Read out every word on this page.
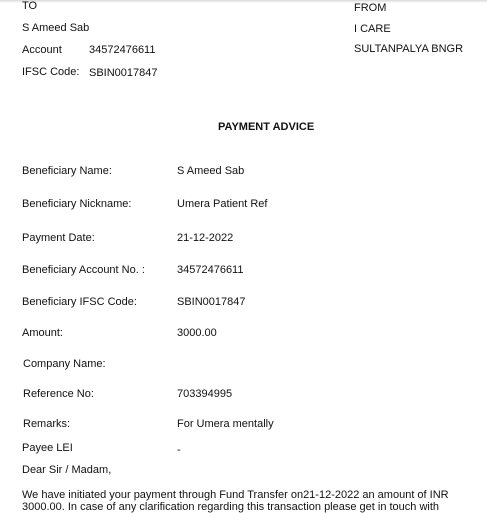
TO
S Ameed Sab
Account 34572476611
IFSC Code: SBIN0017847
FROM
I CARE
SULTANPALYA BNGR
PAYMENT ADVICE
Beneficiary Name:	S Ameed Sab
Beneficiary Nickname:	Umera Patient Ref
Payment Date:	21-12-2022
Beneficiary Account No. :	34572476611
Beneficiary IFSC Code:	SBIN0017847
Amount:	3000.00
Company Name:
Reference No:	703394995
Remarks:	For Umera mentally
Payee LEI	-
Dear Sir / Madam,
We have initiated your payment through Fund Transfer on21-12-2022 an amount of INR 3000.00. In case of any clarification regarding this transaction please get in touch with
